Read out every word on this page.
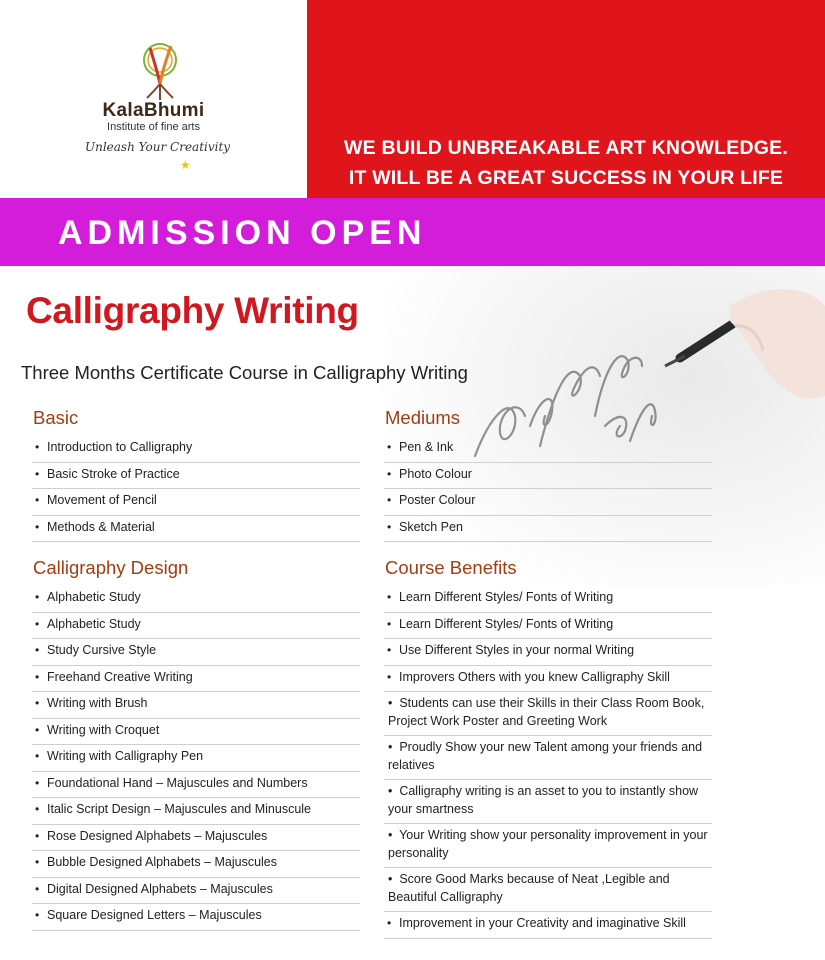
KalaBhumi
Institute of fine arts
Unleash Your Creativity
★
WE BUILD UNBREAKABLE ART KNOWLEDGE.
IT WILL BE A GREAT SUCCESS IN YOUR LIFE
ADMISSION OPEN
Calligraphy Writing
Three Months Certificate Course in Calligraphy Writing
Basic
• Introduction to Calligraphy
• Basic Stroke of Practice
• Movement of Pencil
• Methods & Material
Mediums
• Pen & Ink
• Photo Colour
• Poster Colour
• Sketch Pen
Calligraphy Design
• Alphabetic Study
• Alphabetic Study
• Study Cursive Style
• Freehand Creative Writing
• Writing with Brush
• Writing with Croquet
• Writing with Calligraphy Pen
• Foundational Hand – Majuscules and Numbers
• Italic Script Design – Majuscules and Minuscule
• Rose Designed Alphabets – Majuscules
• Bubble Designed Alphabets – Majuscules
• Digital Designed Alphabets – Majuscules
• Square Designed Letters – Majuscules
Course Benefits
• Learn Different Styles/ Fonts of Writing
• Learn Different Styles/ Fonts of Writing
• Use Different Styles in your normal Writing
• Improvers Others with you knew Calligraphy Skill
•  Students can use their Skills in their Class Room Book, Project Work Poster and Greeting Work
•  Proudly Show your new Talent among your friends and relatives
•  Calligraphy writing is an asset to you to instantly show your smartness
•  Your Writing show your personality improvement in your personality
•  Score Good Marks because of Neat ,Legible and Beautiful Calligraphy
• Improvement in your Creativity and imaginative Skill
